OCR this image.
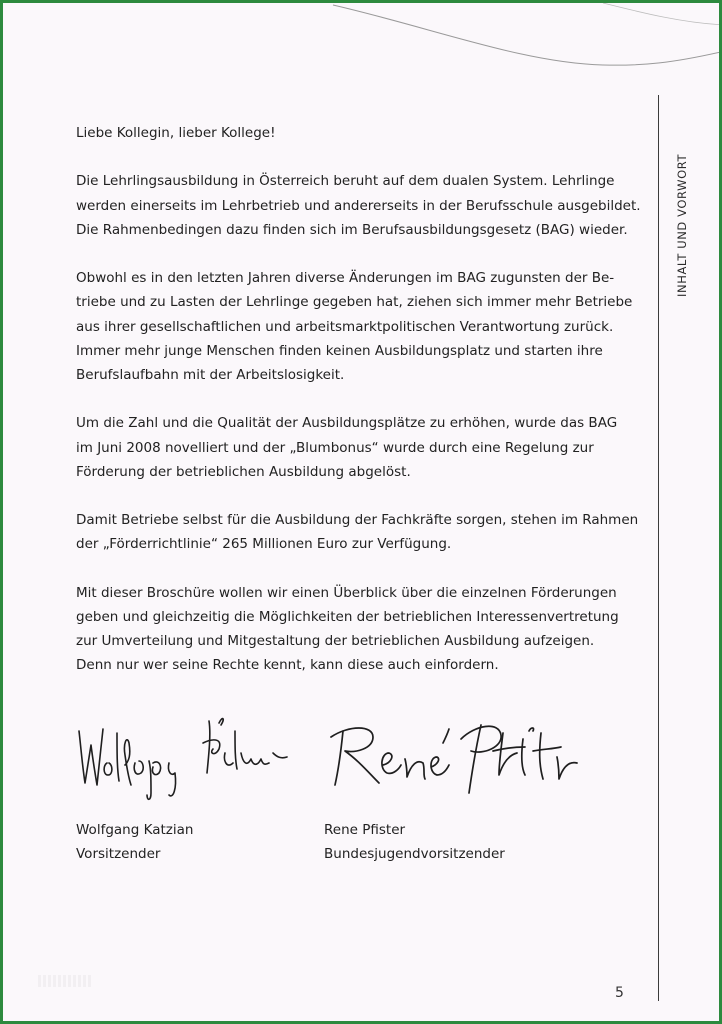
INHALT UND VORWORT

Liebe Kollegin, lieber Kollege!

Die Lehrlingsausbildung in Österreich beruht auf dem dualen System. Lehrlinge
werden einerseits im Lehrbetrieb und andererseits in der Berufsschule ausgebildet.
Die Rahmenbedingen dazu finden sich im Berufsausbildungsgesetz (BAG) wieder.

Obwohl es in den letzten Jahren diverse Änderungen im BAG zugunsten der Be-
triebe und zu Lasten der Lehrlinge gegeben hat, ziehen sich immer mehr Betriebe
aus ihrer gesellschaftlichen und arbeitsmarktpolitischen Verantwortung zurück.
Immer mehr junge Menschen finden keinen Ausbildungsplatz und starten ihre
Berufslaufbahn mit der Arbeitslosigkeit.

Um die Zahl und die Qualität der Ausbildungsplätze zu erhöhen, wurde das BAG
im Juni 2008 novelliert und der „Blumbonus“ wurde durch eine Regelung zur
Förderung der betrieblichen Ausbildung abgelöst.

Damit Betriebe selbst für die Ausbildung der Fachkräfte sorgen, stehen im Rahmen
der „Förderrichtlinie“ 265 Millionen Euro zur Verfügung.

Mit dieser Broschüre wollen wir einen Überblick über die einzelnen Förderungen
geben und gleichzeitig die Möglichkeiten der betrieblichen Interessenvertretung
zur Umverteilung und Mitgestaltung der betrieblichen Ausbildung aufzeigen.
Denn nur wer seine Rechte kennt, kann diese auch einfordern.

Wolfgang Katzian
Vorsitzender
Rene Pfister
Bundesjugendvorsitzender
5
